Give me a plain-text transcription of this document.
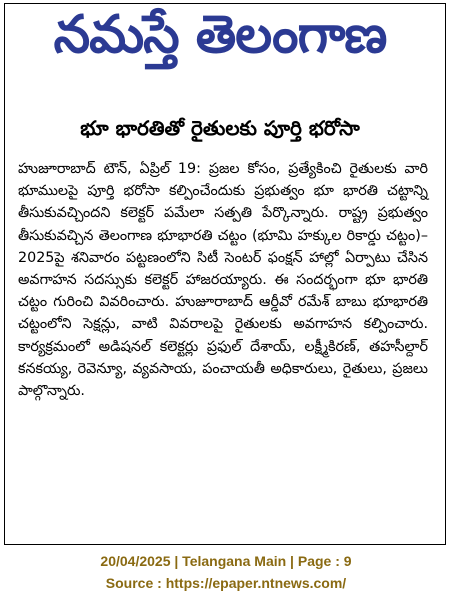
నమస్తే తెలంగాణ
భూ భారతితో రైతులకు పూర్తి భరోసా

హుజూరాబాద్ టౌన్, ఏప్రిల్ 19: ప్రజల కోసం, ప్రత్యేకించి రైతులకు వారి భూములపై పూర్తి భరోసా కల్పించేందుకు ప్రభుత్వం భూ భారతి చట్టాన్ని తీసుకువచ్చిందని కలెక్టర్ పమేలా సత్పతి పేర్కొన్నారు. రాష్ట్ర ప్రభుత్వం తీసుకువచ్చిన తెలంగాణ భూభారతి చట్టం (భూమి హక్కుల రికార్డు చట్టం)–2025పై శనివారం పట్టణంలోని సిటీ సెంటర్ ఫంక్షన్ హాల్లో ఏర్పాటు చేసిన అవగాహన సదస్సుకు కలెక్టర్ హాజరయ్యారు. ఈ సందర్భంగా భూ భారతి చట్టం గురించి వివరించారు. హుజూరాబాద్ ఆర్డీవో రమేశ్ బాబు భూభారతి చట్టంలోని సెక్షన్లు, వాటి వివరాలపై రైతులకు అవగాహన కల్పించారు. కార్యక్రమంలో అడిషనల్ కలెక్టర్లు ప్రఫుల్ దేశాయ్, లక్ష్మీకిరణ్, తహసీల్దార్ కనకయ్య, రెవెన్యూ, వ్యవసాయ, పంచాయతీ అధికారులు, రైతులు, ప్రజలు పాల్గొన్నారు.

20/04/2025 | Telangana Main | Page : 9
Source : https://epaper.ntnews.com/
